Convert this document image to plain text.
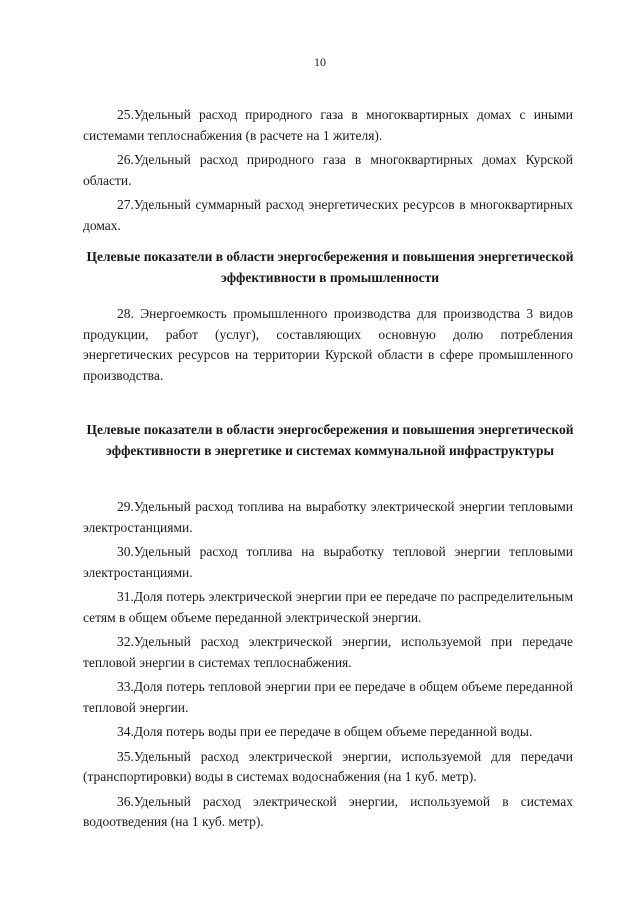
10

25.Удельный расход природного газа в многоквартирных домах с иными системами теплоснабжения (в расчете на 1 жителя).

26.Удельный расход природного газа в многоквартирных домах Курской области.

27.Удельный суммарный расход энергетических ресурсов в многоквартирных домах.

Целевые показатели в области энергосбережения и повышения энергетической эффективности в промышленности

28. Энергоемкость промышленного производства для производства 3 видов продукции, работ (услуг), составляющих основную долю потребления энергетических ресурсов на территории Курской области в сфере промышленного производства.

Целевые показатели в области энергосбережения и повышения энергетической эффективности в энергетике и системах коммунальной инфраструктуры

29.Удельный расход топлива на выработку электрической энергии тепловыми электростанциями.

30.Удельный расход топлива на выработку тепловой энергии тепловыми электростанциями.

31.Доля потерь электрической энергии при ее передаче по распределительным сетям в общем объеме переданной электрической энергии.

32.Удельный расход электрической энергии, используемой при передаче тепловой энергии в системах теплоснабжения.

33.Доля потерь тепловой энергии при ее передаче в общем объеме переданной тепловой энергии.

34.Доля потерь воды при ее передаче в общем объеме переданной воды.

35.Удельный расход электрической энергии, используемой для передачи (транспортировки) воды в системах водоснабжения (на 1 куб. метр).

36.Удельный расход электрической энергии, используемой в системах водоотведения (на 1 куб. метр).
